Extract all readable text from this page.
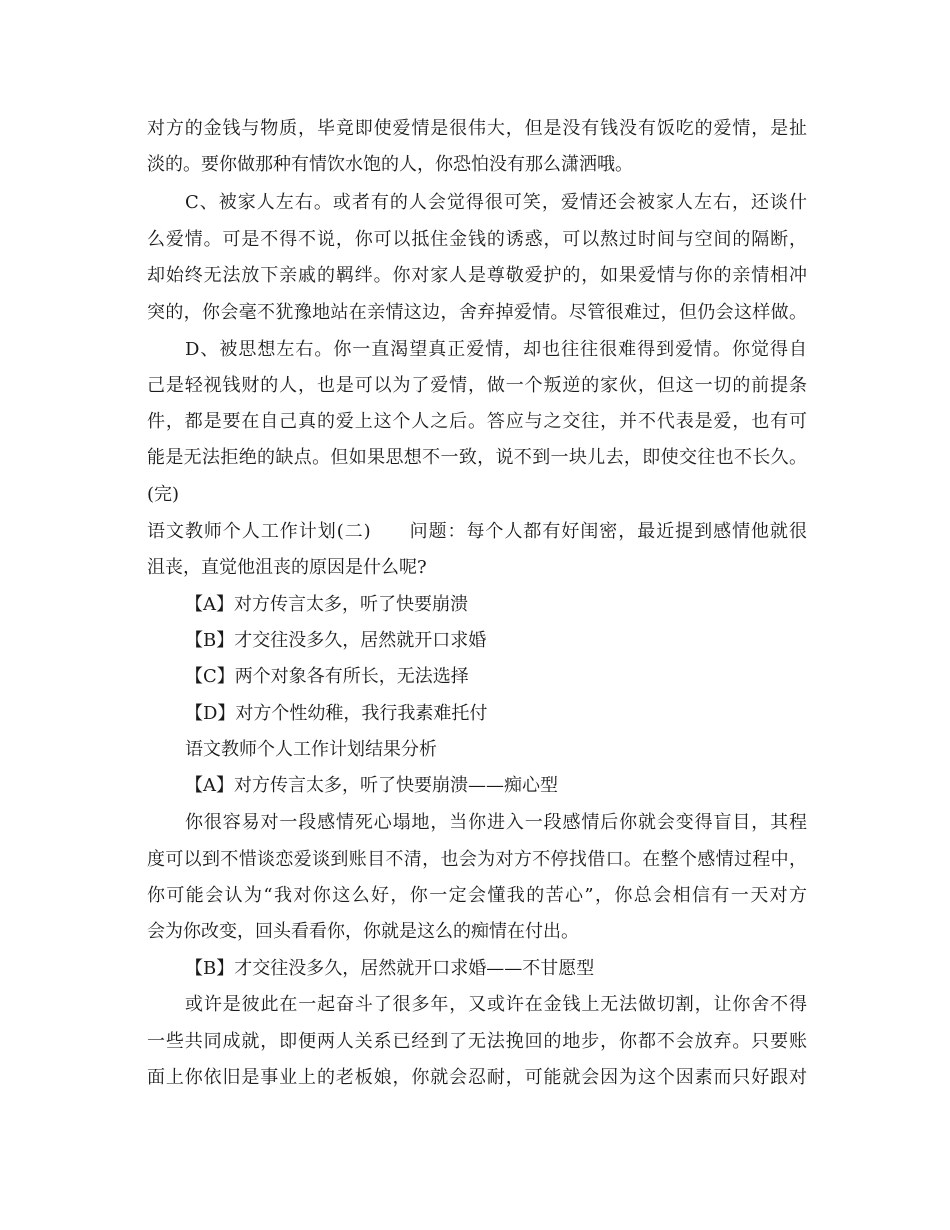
对方的金钱与物质，毕竟即使爱情是很伟大，但是没有钱没有饭吃的爱情，是扯
淡的。要你做那种有情饮水饱的人，你恐怕没有那么潇洒哦。
C、被家人左右。或者有的人会觉得很可笑，爱情还会被家人左右，还谈什
么爱情。可是不得不说，你可以抵住金钱的诱惑，可以熬过时间与空间的隔断，
却始终无法放下亲戚的羁绊。你对家人是尊敬爱护的，如果爱情与你的亲情相冲
突的，你会毫不犹豫地站在亲情这边，舍弃掉爱情。尽管很难过，但仍会这样做。
D、被思想左右。你一直渴望真正爱情，却也往往很难得到爱情。你觉得自
己是轻视钱财的人，也是可以为了爱情，做一个叛逆的家伙，但这一切的前提条
件，都是要在自己真的爱上这个人之后。答应与之交往，并不代表是爱，也有可
能是无法拒绝的缺点。但如果思想不一致，说不到一块儿去，即使交往也不长久。
(完)
语文教师个人工作计划(二)　　问题：每个人都有好闺密，最近提到感情他就很
沮丧，直觉他沮丧的原因是什么呢?
【A】对方传言太多，听了快要崩溃
【B】才交往没多久，居然就开口求婚
【C】两个对象各有所长，无法选择
【D】对方个性幼稚，我行我素难托付
语文教师个人工作计划结果分析
【A】对方传言太多，听了快要崩溃——痴心型
你很容易对一段感情死心塌地，当你进入一段感情后你就会变得盲目，其程
度可以到不惜谈恋爱谈到账目不清，也会为对方不停找借口。在整个感情过程中，
你可能会认为“我对你这么好，你一定会懂我的苦心”，你总会相信有一天对方
会为你改变，回头看看你，你就是这么的痴情在付出。
【B】才交往没多久，居然就开口求婚——不甘愿型
或许是彼此在一起奋斗了很多年，又或许在金钱上无法做切割，让你舍不得
一些共同成就，即便两人关系已经到了无法挽回的地步，你都不会放弃。只要账
面上你依旧是事业上的老板娘，你就会忍耐，可能就会因为这个因素而只好跟对
